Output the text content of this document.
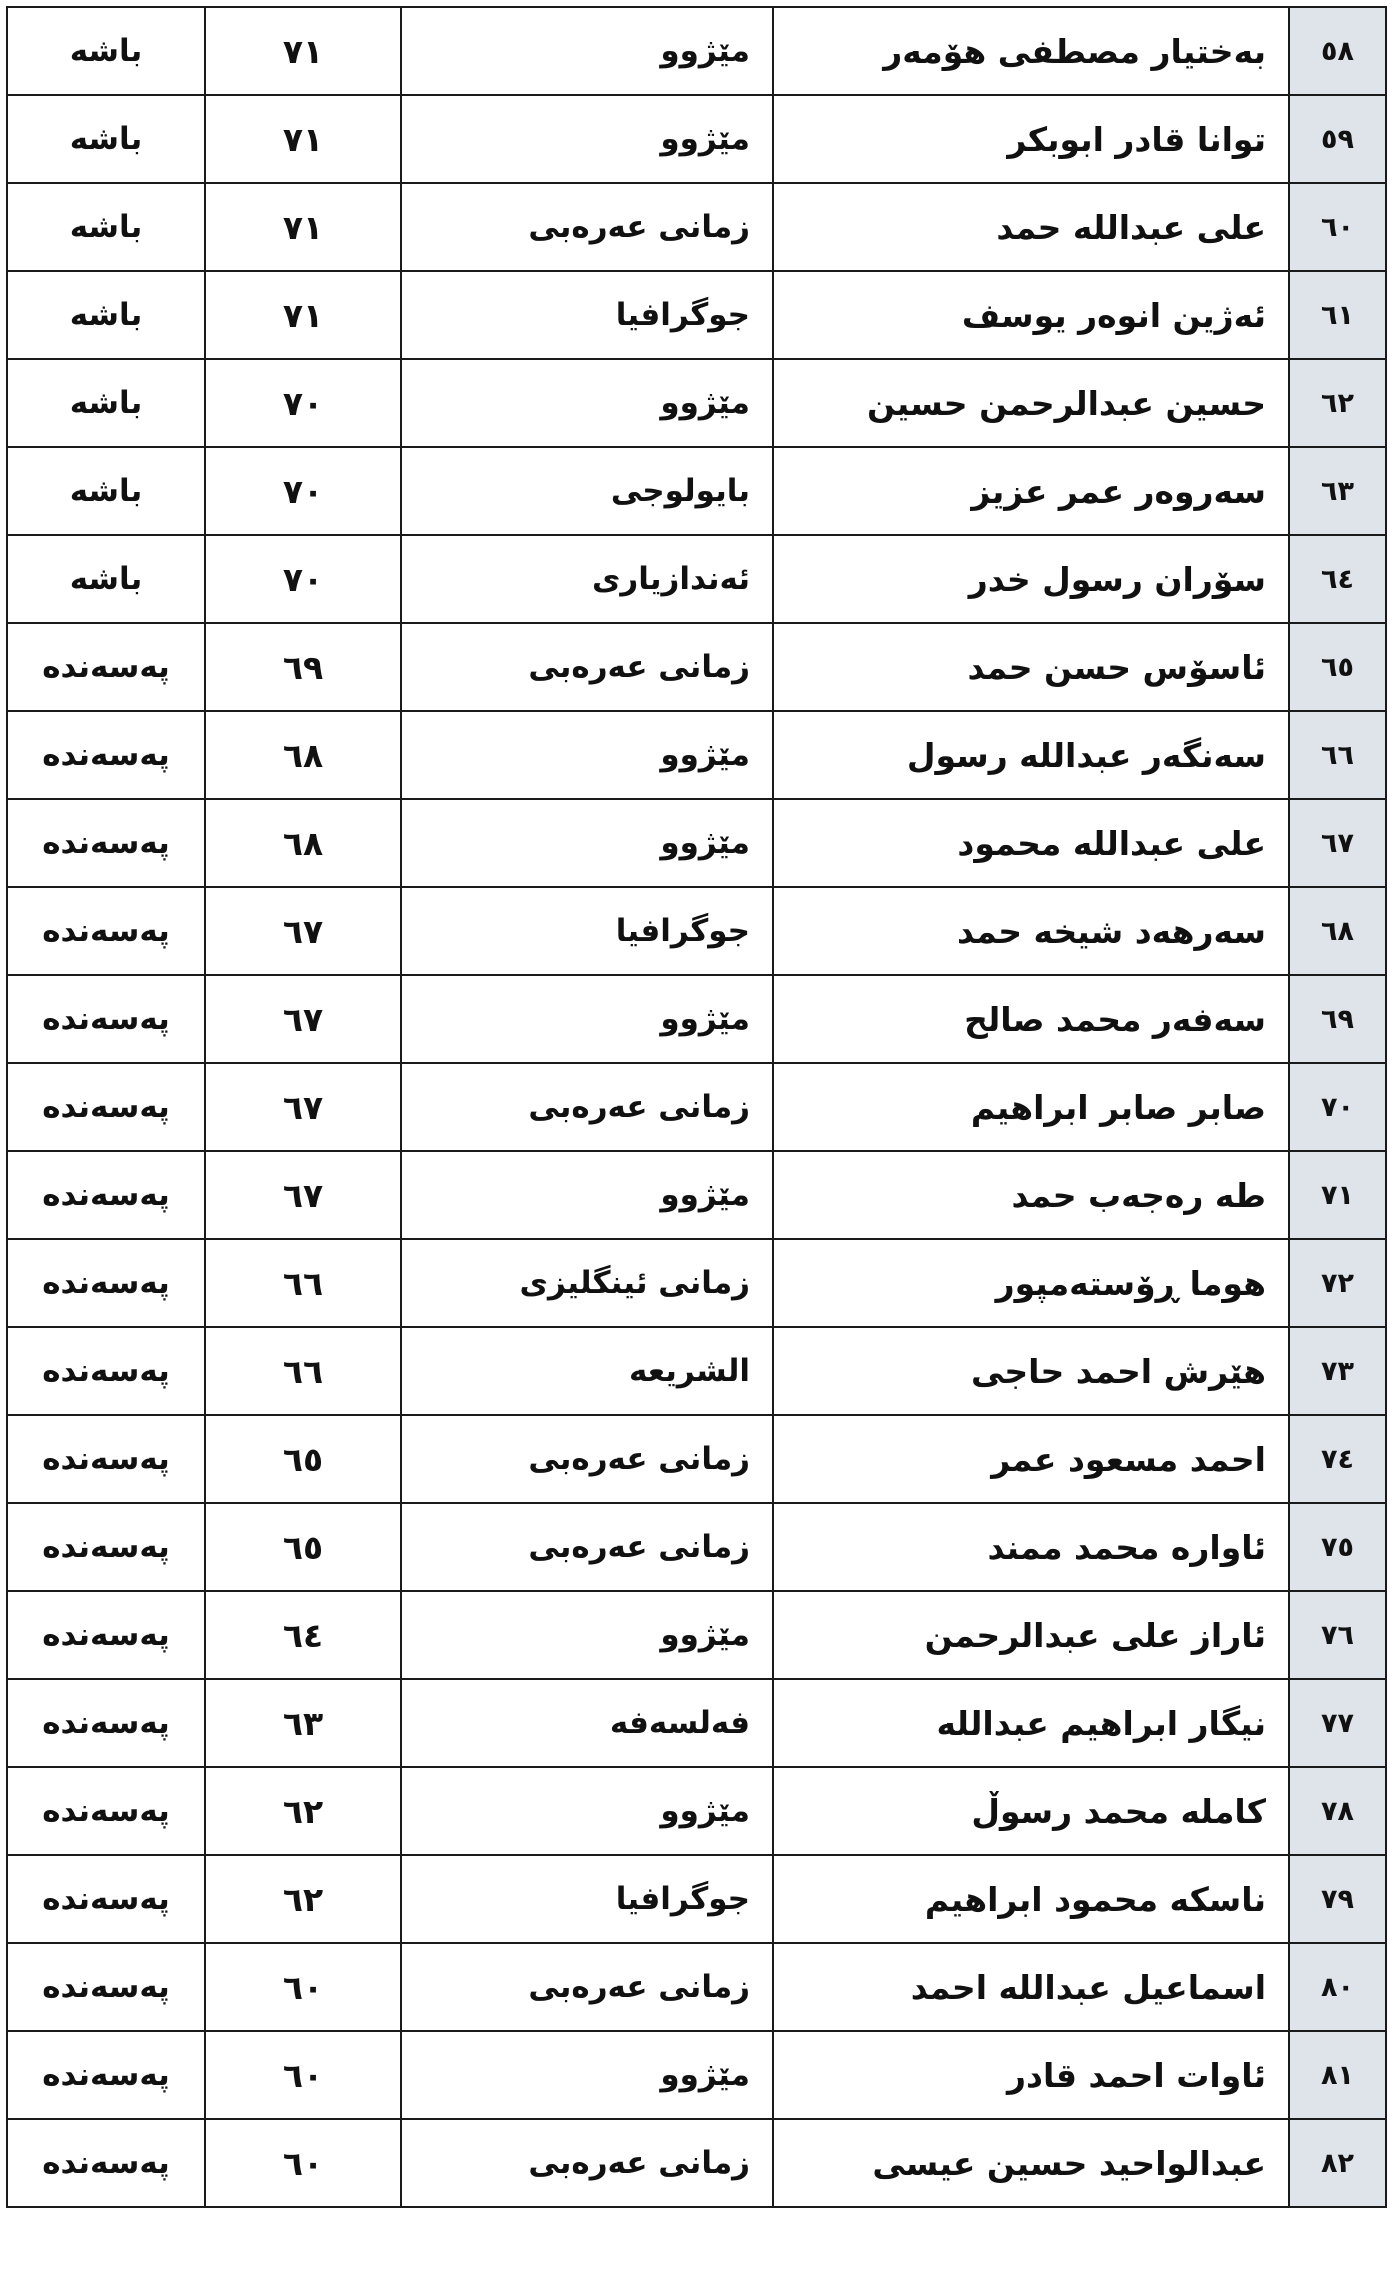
٥٨	بەختیار مصطفی هۆمەر	مێژوو	٧١	باشە
٥٩	توانا قادر ابوبكر	مێژوو	٧١	باشە
٦٠	علی عبدالله حمد	زمانی عەرەبی	٧١	باشە
٦١	ئەژین انوەر یوسف	جوگرافیا	٧١	باشە
٦٢	حسین عبدالرحمن حسین	مێژوو	٧٠	باشە
٦٣	سەروەر عمر عزیز	بایولوجی	٧٠	باشە
٦٤	سۆران رسول خدر	ئەندازیاری	٧٠	باشە
٦٥	ئاسۆس حسن حمد	زمانی عەرەبی	٦٩	پەسەندە
٦٦	سەنگەر عبدالله رسول	مێژوو	٦٨	پەسەندە
٦٧	علی عبدالله محمود	مێژوو	٦٨	پەسەندە
٦٨	سەرهەد شیخە حمد	جوگرافیا	٦٧	پەسەندە
٦٩	سەفەر محمد صالح	مێژوو	٦٧	پەسەندە
٧٠	صابر صابر ابراهیم	زمانی عەرەبی	٦٧	پەسەندە
٧١	طە رەجەب حمد	مێژوو	٦٧	پەسەندە
٧٢	هوما ڕۆستەمپور	زمانی ئینگلیزی	٦٦	پەسەندە
٧٣	هێرش احمد حاجی	الشریعە	٦٦	پەسەندە
٧٤	احمد مسعود عمر	زمانی عەرەبی	٦٥	پەسەندە
٧٥	ئاوارە محمد ممند	زمانی عەرەبی	٦٥	پەسەندە
٧٦	ئاراز علی عبدالرحمن	مێژوو	٦٤	پەسەندە
٧٧	نیگار ابراهیم عبدالله	فەلسەفە	٦٣	پەسەندە
٧٨	كاملە محمد رسوڵ	مێژوو	٦٢	پەسەندە
٧٩	ناسكە محمود ابراهیم	جوگرافیا	٦٢	پەسەندە
٨٠	اسماعیل عبدالله احمد	زمانی عەرەبی	٦٠	پەسەندە
٨١	ئاوات احمد قادر	مێژوو	٦٠	پەسەندە
٨٢	عبدالواحید حسین عیسی	زمانی عەرەبی	٦٠	پەسەندە
